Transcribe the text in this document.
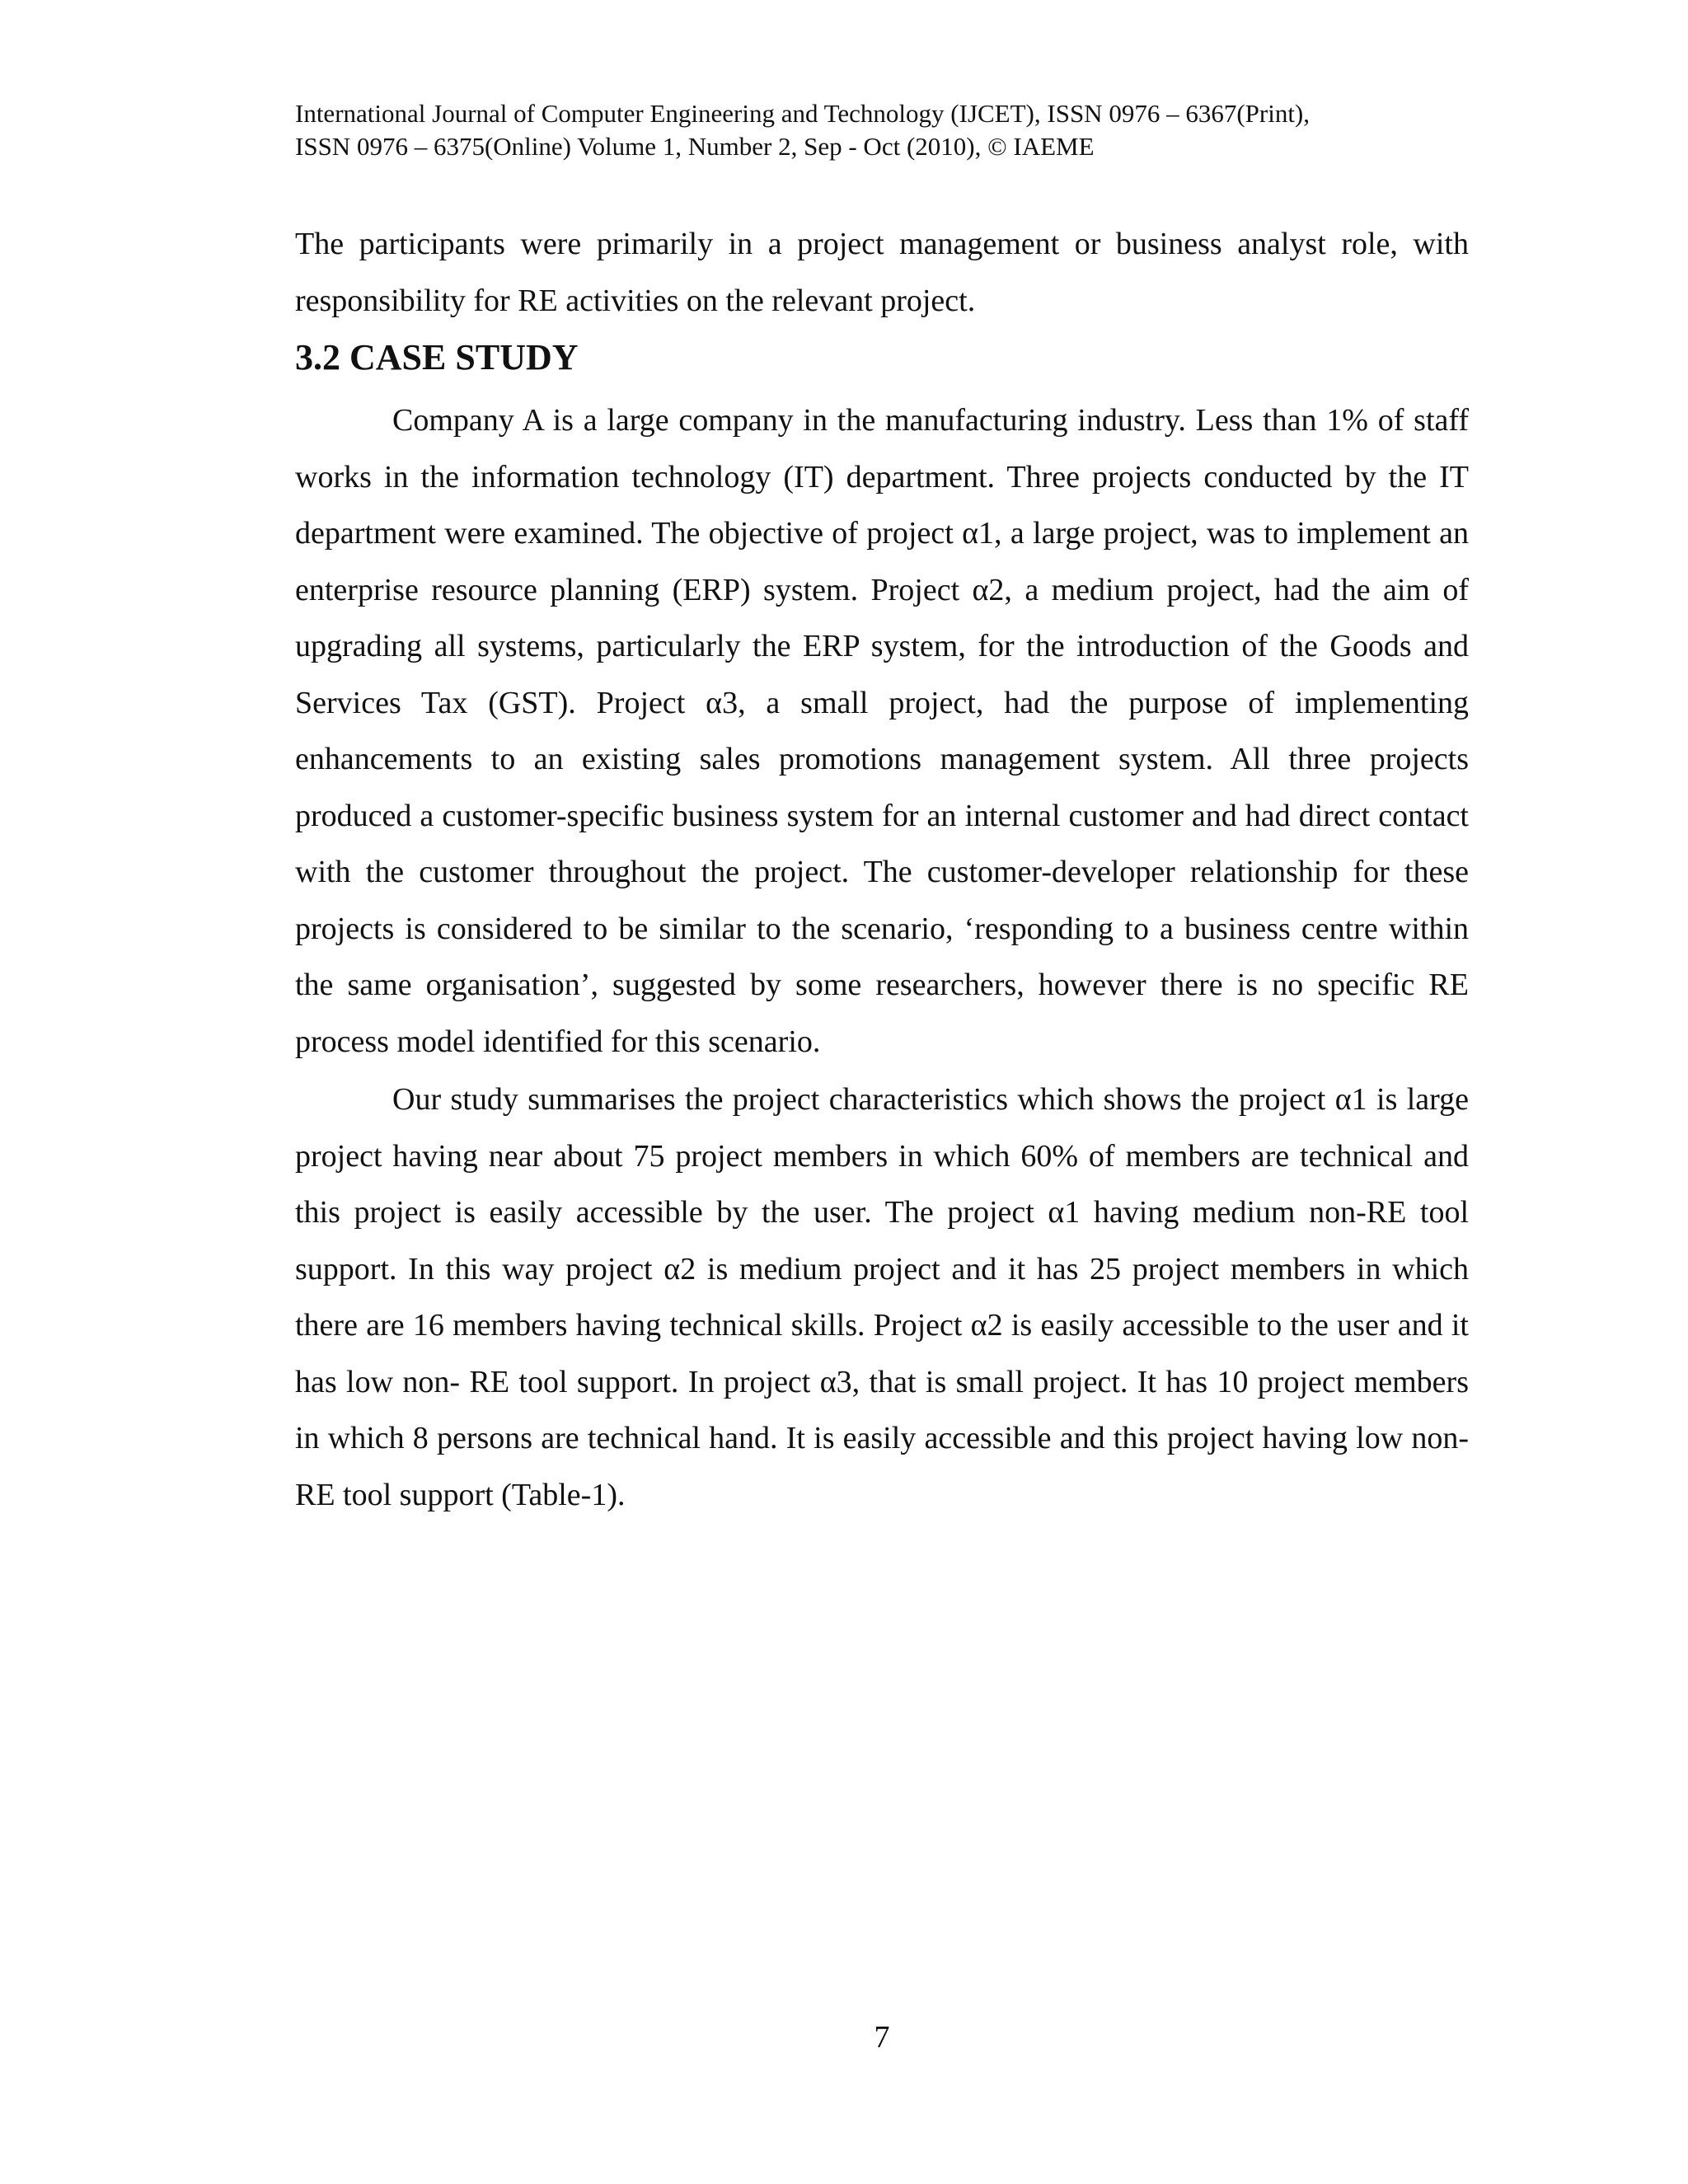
International Journal of Computer Engineering and Technology (IJCET), ISSN 0976 – 6367(Print),
ISSN 0976 – 6375(Online) Volume 1, Number 2, Sep - Oct (2010), © IAEME

The participants were primarily in a project management or business analyst role, with responsibility for RE activities on the relevant project.

3.2 CASE STUDY

Company A is a large company in the manufacturing industry. Less than 1% of staff works in the information technology (IT) department. Three projects conducted by the IT department were examined. The objective of project α1, a large project, was to implement an enterprise resource planning (ERP) system. Project α2, a medium project, had the aim of upgrading all systems, particularly the ERP system, for the introduction of the Goods and Services Tax (GST). Project α3, a small project, had the purpose of implementing enhancements to an existing sales promotions management system. All three projects produced a customer-specific business system for an internal customer and had direct contact with the customer throughout the project. The customer-developer relationship for these projects is considered to be similar to the scenario, ‘responding to a business centre within the same organisation’, suggested by some researchers, however there is no specific RE process model identified for this scenario.

Our study summarises the project characteristics which shows the project α1 is large project having near about 75 project members in which 60% of members are technical and this project is easily accessible by the user. The project α1 having medium non-RE tool support. In this way project α2 is medium project and it has 25 project members in which there are 16 members having technical skills. Project α2 is easily accessible to the user and it has low non- RE tool support. In project α3, that is small project. It has 10 project members in which 8 persons are technical hand. It is easily accessible and this project having low non- RE tool support (Table-1).

7
